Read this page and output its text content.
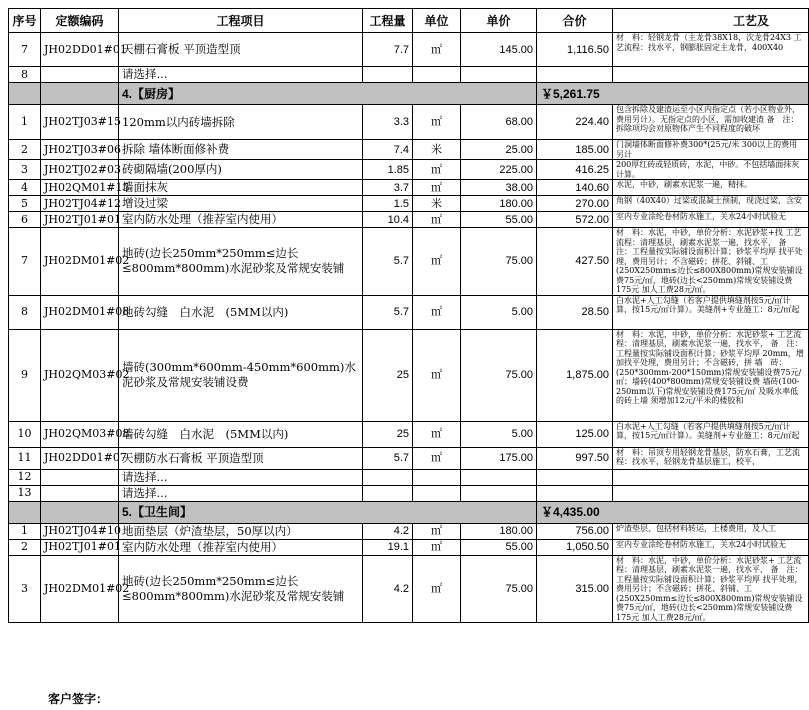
序号	定额编码	工程项目	工程量	单位	单价	合价	工艺及
7	JH02DD01#01	天棚石膏板 平顶造型顶	7.7	㎡	145.00	1,116.50	材　料：轻钢龙骨（主龙骨38X18，次龙骨24X3 工艺流程：找水平，钢膨胀固定主龙骨，400X40
8		请选择...					
		4.【厨房】				￥5,261.75	
1	JH02TJ03#15	120mm以内砖墙拆除	3.3	㎡	68.00	224.40	包含拆除及建渣运至小区内指定点（若小区物业外，费用另计）。无指定点的小区，需加收建渣 备　注：拆除项均会对原物体产生不同程度的破坏
2	JH02TJ03#06	拆除 墙体断面修补费	7.4	米	25.00	185.00	门洞墙体断面修补费300*(25元/米 300以上的费用另计
3	JH02TJ02#03	砖砌隔墙(200厚内)	1.85	㎡	225.00	416.25	200厚红砖或轻质砖，水泥，中砂。不包括墙面抹灰计算。
4	JH02QM01#15	墙面抹灰	3.7	㎡	38.00	140.60	水泥，中砂，刷素水泥浆一遍，精抹。
5	JH02TJ04#12	增设过梁	1.5	米	180.00	270.00	角钢（40X40）过梁或混凝土预制，现浇过梁，含安
6	JH02TJ01#01	室内防水处理（推荐室内使用）	10.4	㎡	55.00	572.00	室内专业涂纶卷材防水施工，关水24小时试验无
7	JH02DM01#02	地砖(边长250mm*250mm≤边长≤800mm*800mm)水泥砂浆及常规安装铺	5.7	㎡	75.00	427.50	材　料：水泥，中砂，单价分析：水泥砂浆+找 工艺流程：清理基层，刷素水泥浆一遍，找水平， 备　注：工程量按实际铺设面积计算；砂浆平均厚 找平处理，费用另计；不含磁砖；拼花、斜铺、工 (250X250mm≤边长≤800X800mm)常规安装铺设费75元/㎡，地砖(边长<250mm)常规安装铺设费175元 加人工费28元/㎡。
8	JH02DM01#08	地砖勾缝　白水泥　(5MM以内)	5.7	㎡	5.00	28.50	白水泥+人工勾缝（若客户提供填缝剂按5元/㎡计算，按15元/㎡计算）。美缝剂+专业施工：8元/㎡起
9	JH02QM03#02	墙砖(300mm*600mm-450mm*600mm)水泥砂浆及常规安装铺设费	25	㎡	75.00	1,875.00	材　料：水泥，中砂，单价分析：水泥砂浆+ 工艺流程：清理基层，刷素水泥浆一遍，找水平， 备　注：工程量按实际铺设面积计算；砂浆平均厚 20mm，增加找平处理，费用另计；不含磁砖，拼 墙　砖：(250*300mm-200*150mm)常规安装铺设费75元/㎡；墙砖(400*800mm)常规安装铺设费 墙砖(100-250mm以下)常规安装铺设费175元/㎡ 及吸水率低的砖上墙 须增加12元/平米的楼胶和
10	JH02QM03#08	墙砖勾缝　白水泥　(5MM以内)	25	㎡	5.00	125.00	白水泥+人工勾缝（若客户提供填缝剂按5元/㎡计算，按15元/㎡计算）。美缝剂+专业施工：8元/㎡起
11	JH02DD01#07	天棚防水石膏板 平顶造型顶	5.7	㎡	175.00	997.50	材　料：吊顶专用轻钢龙骨基层，防水石膏，工艺流程：找水平，轻钢龙骨基层施工，校平，
12		请选择...					
13		请选择...					
		5.【卫生间】				￥4,435.00	
1	JH02TJ04#10	地面垫层（炉渣垫层，50厚以内）	4.2	㎡	180.00	756.00	炉渣垫层、包括材料转运，上楼费用，及人工
2	JH02TJ01#01	室内防水处理（推荐室内使用）	19.1	㎡	55.00	1,050.50	室内专业涂纶卷材防水施工，关水24小时试验无
3	JH02DM01#02	地砖(边长250mm*250mm≤边长≤800mm*800mm)水泥砂浆及常规安装铺	4.2	㎡	75.00	315.00	材　料：水泥，中砂，单价分析：水泥砂浆+ 工艺流程：清理基层，刷素水泥浆一遍，找水平， 备　注：工程量按实际铺设面积计算；砂浆平均厚 找平处理，费用另计；不含磁砖；拼花、斜铺、工 (250X250mm≤边长≤800X800mm)常规安装铺设费75元/㎡，地砖(边长<250mm)常规安装铺设费175元 加人工费28元/㎡。
客户签字：
